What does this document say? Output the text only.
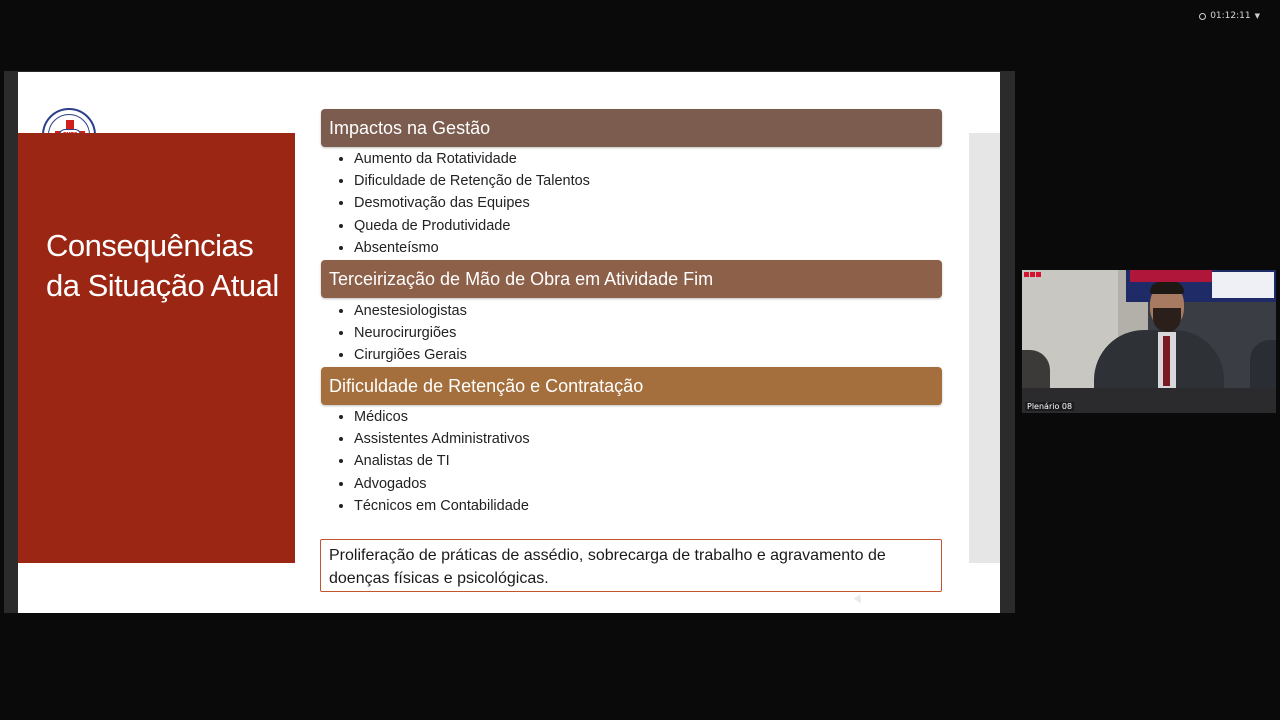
01:12:11 ▼
Consequências da Situação Atual
Impactos na Gestão
• Aumento da Rotatividade
• Dificuldade de Retenção de Talentos
• Desmotivação das Equipes
• Queda de Produtividade
• Absenteísmo
Terceirização de Mão de Obra em Atividade Fim
• Anestesiologistas
• Neurocirurgiões
• Cirurgiões Gerais
Dificuldade de Retenção e Contratação
• Médicos
• Assistentes Administrativos
• Analistas de TI
• Advogados
• Técnicos em Contabilidade
Proliferação de práticas de assédio, sobrecarga de trabalho e agravamento de doenças físicas e psicológicas.
Plenário 08
